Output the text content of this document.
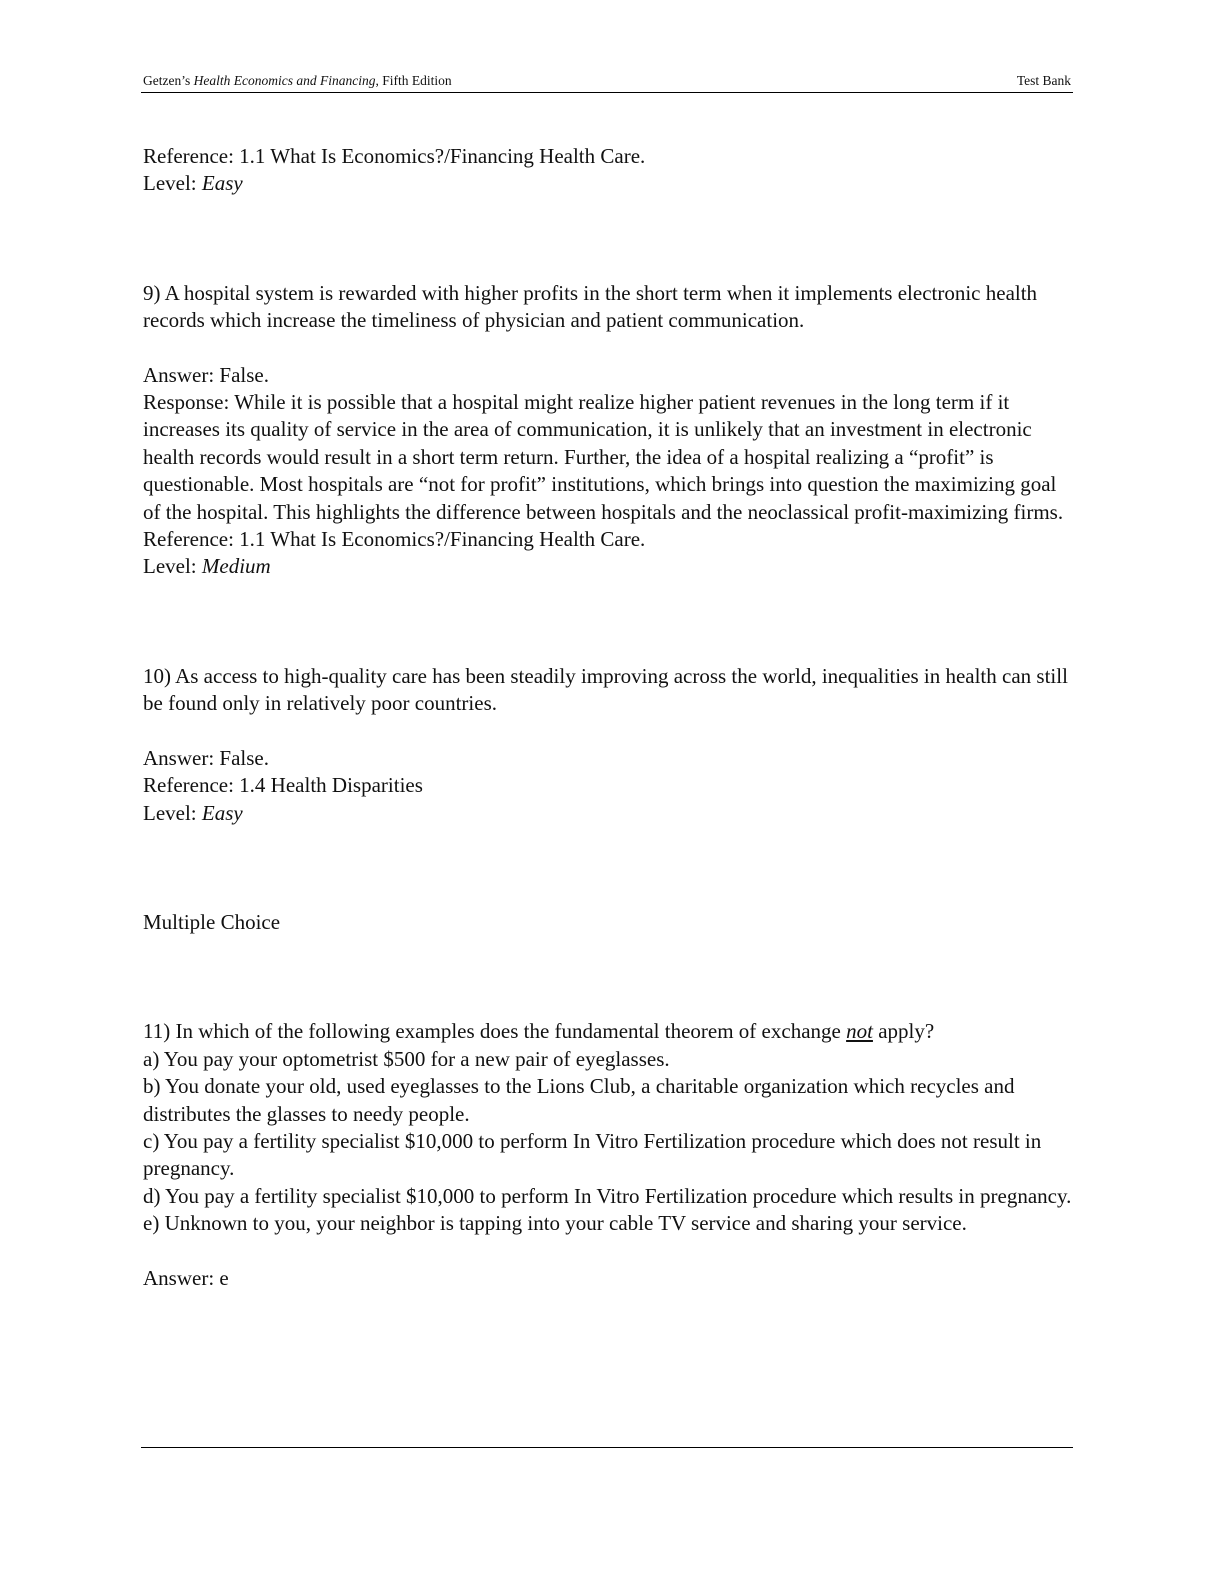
Getzen’s Health Economics and Financing, Fifth Edition	Test Bank

Reference: 1.1 What Is Economics?/Financing Health Care.

Level: Easy

9) A hospital system is rewarded with higher profits in the short term when it implements electronic health records which increase the timeliness of physician and patient communication.

Answer: False.

Response: While it is possible that a hospital might realize higher patient revenues in the long term if it increases its quality of service in the area of communication, it is unlikely that an investment in electronic health records would result in a short term return. Further, the idea of a hospital realizing a “profit” is questionable. Most hospitals are “not for profit” institutions, which brings into question the maximizing goal of the hospital. This highlights the difference between hospitals and the neoclassical profit-maximizing firms.

Reference: 1.1 What Is Economics?/Financing Health Care.

Level: Medium

10) As access to high-quality care has been steadily improving across the world, inequalities in health can still be found only in relatively poor countries.

Answer: False.

Reference: 1.4 Health Disparities

Level: Easy

Multiple Choice

11) In which of the following examples does the fundamental theorem of exchange not apply?

a) You pay your optometrist $500 for a new pair of eyeglasses.

b) You donate your old, used eyeglasses to the Lions Club, a charitable organization which recycles and distributes the glasses to needy people.

c) You pay a fertility specialist $10,000 to perform In Vitro Fertilization procedure which does not result in pregnancy.

d) You pay a fertility specialist $10,000 to perform In Vitro Fertilization procedure which results in pregnancy.

e) Unknown to you, your neighbor is tapping into your cable TV service and sharing your service.

Answer: e
